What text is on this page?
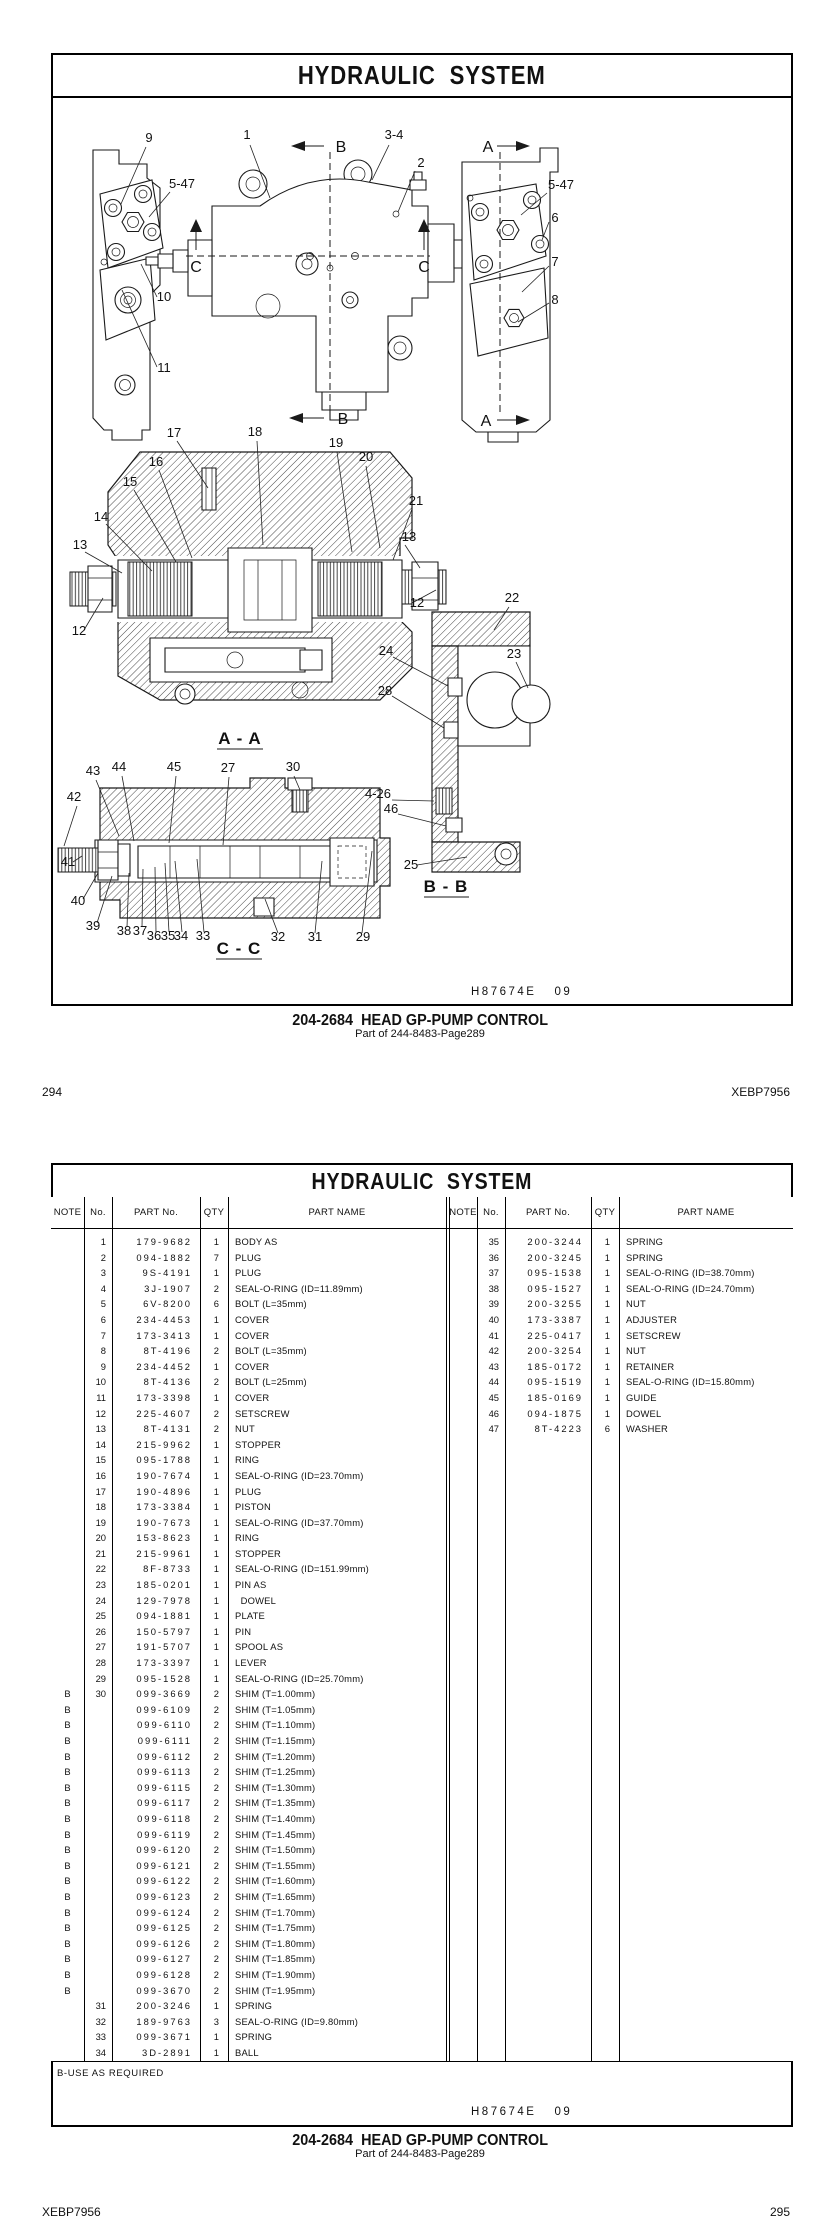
HYDRAULIC  SYSTEM
9
5-47
10
11
1	3-4
2
5-47
6
7
8
17	18
19
20
16
15
14
13
12
21
13
12	22
23
24
28
4-26
46
25
43 44	45	27	30
42
41
40
39 38 37 36 35
34 33	32 31	29
A - A
B - B
C - C
B
B
C	C
A
A
H87674E 09
204-2684  HEAD GP-PUMP CONTROL
Part of 244-8483-Page289
294	XEBP7956
HYDRAULIC  SYSTEM
NOTE No.	PART No.	QTY	PART NAME	NOTE No.	PART No.	QTY	PART NAME
1	179-9682	1	BODY AS
2	094-1882	7	PLUG
3	9S-4191	1	PLUG
4	3J-1907	2	SEAL-O-RING (ID=11.89mm)
5	6V-8200	6	BOLT (L=35mm)
6	234-4453	1	COVER
7	173-3413	1	COVER
8	8T-4196	2	BOLT (L=35mm)
9	234-4452	1	COVER
10	8T-4136	2	BOLT (L=25mm)
11	173-3398	1	COVER
12	225-4607	2	SETSCREW
13	8T-4131	2	NUT
14	215-9962	1	STOPPER
15	095-1788	1	RING
16	190-7674	1	SEAL-O-RING (ID=23.70mm)
17	190-4896	1	PLUG
18	173-3384	1	PISTON
19	190-7673	1	SEAL-O-RING (ID=37.70mm)
20	153-8623	1	RING
21	215-9961	1	STOPPER
22	8F-8733	1	SEAL-O-RING (ID=151.99mm)
23	185-0201	1	PIN AS
24	129-7978	1	DOWEL
25	094-1881	1	PLATE
26	150-5797	1	PIN
27	191-5707	1	SPOOL AS
28	173-3397	1	LEVER
29	095-1528	1	SEAL-O-RING (ID=25.70mm)
B	30	099-3669	2	SHIM (T=1.00mm)
B	099-6109	2	SHIM (T=1.05mm)
B	099-6110	2	SHIM (T=1.10mm)
B	099-6111	2	SHIM (T=1.15mm)
B	099-6112	2	SHIM (T=1.20mm)
B	099-6113	2	SHIM (T=1.25mm)
B	099-6115	2	SHIM (T=1.30mm)
B	099-6117	2	SHIM (T=1.35mm)
B	099-6118	2	SHIM (T=1.40mm)
B	099-6119	2	SHIM (T=1.45mm)
B	099-6120	2	SHIM (T=1.50mm)
B	099-6121	2	SHIM (T=1.55mm)
B	099-6122	2	SHIM (T=1.60mm)
B	099-6123	2	SHIM (T=1.65mm)
B	099-6124	2	SHIM (T=1.70mm)
B	099-6125	2	SHIM (T=1.75mm)
B	099-6126	2	SHIM (T=1.80mm)
B	099-6127	2	SHIM (T=1.85mm)
B	099-6128	2	SHIM (T=1.90mm)
B	099-3670	2	SHIM (T=1.95mm)
31	200-3246	1	SPRING
32	189-9763	3	SEAL-O-RING (ID=9.80mm)
33	099-3671	1	SPRING
34	3D-2891	1	BALL
35	200-3244	1	SPRING
36	200-3245	1	SPRING
37	095-1538	1	SEAL-O-RING (ID=38.70mm)
38	095-1527	1	SEAL-O-RING (ID=24.70mm)
39	200-3255	1	NUT
40	173-3387	1	ADJUSTER
41	225-0417	1	SETSCREW
42	200-3254	1	NUT
43	185-0172	1	RETAINER
44	095-1519	1	SEAL-O-RING (ID=15.80mm)
45	185-0169	1	GUIDE
46	094-1875	1	DOWEL
47	8T-4223	6	WASHER
B-USE AS REQUIRED
H87674E 09
204-2684  HEAD GP-PUMP CONTROL
Part of 244-8483-Page289
XEBP7956	295
